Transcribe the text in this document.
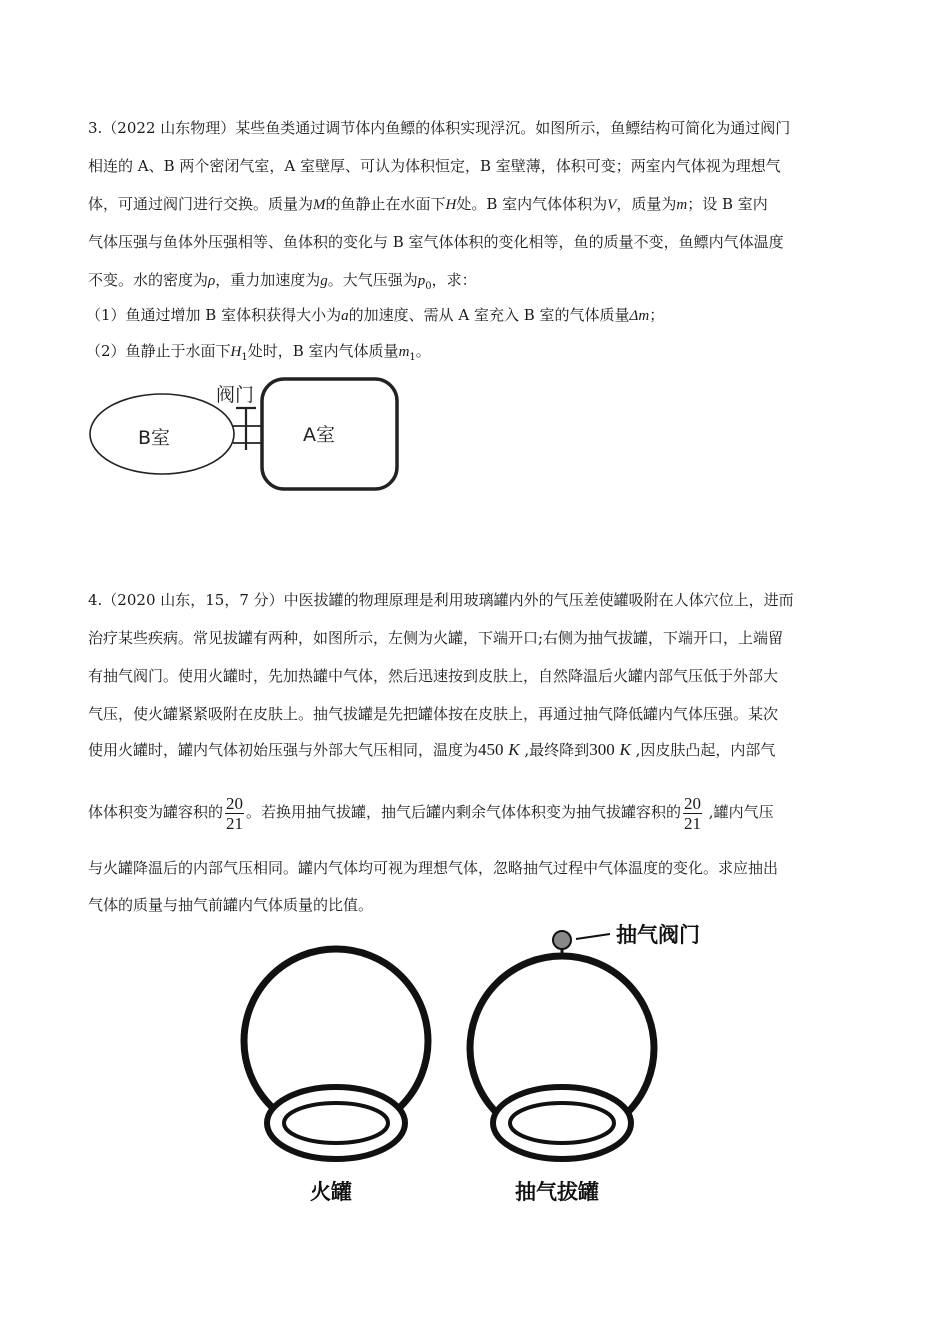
3.（2022 山东物理）某些鱼类通过调节体内鱼鳔的体积实现浮沉。如图所示，鱼鳔结构可简化为通过阀门
相连的 A、B 两个密闭气室，A 室壁厚、可认为体积恒定，B 室壁薄，体积可变；两室内气体视为理想气
体，可通过阀门进行交换。质量为M的鱼静止在水面下H处。B 室内气体体积为V，质量为m；设 B 室内
气体压强与鱼体外压强相等、鱼体积的变化与 B 室气体体积的变化相等，鱼的质量不变，鱼鳔内气体温度
不变。水的密度为ρ，重力加速度为g。大气压强为$p_0$，求：
（1）鱼通过增加 B 室体积获得大小为a的加速度、需从 A 室充入 B 室的气体质量Δm；
（2）鱼静止于水面下$H_1$处时，B 室内气体质量$m_1$。
阀门
B室	A室
4.（2020 山东，15，7 分）中医拔罐的物理原理是利用玻璃罐内外的气压差使罐吸附在人体穴位上，进而
治疗某些疾病。常见拔罐有两种，如图所示，左侧为火罐，下端开口;右侧为抽气拔罐，下端开口，上端留
有抽气阀门。使用火罐时，先加热罐中气体，然后迅速按到皮肤上，自然降温后火罐内部气压低于外部大
气压，使火罐紧紧吸附在皮肤上。抽气拔罐是先把罐体按在皮肤上，再通过抽气降低罐内气体压强。某次
使用火罐时，罐内气体初始压强与外部大气压相同，温度为450 K ,最终降到300 K ,因皮肤凸起，内部气
体体积变为罐容积的 $\frac{20}{21}$ 。若换用抽气拔罐，抽气后罐内剩余气体体积变为抽气拔罐容积的 $\frac{20}{21}$ ,罐内气压
与火罐降温后的内部气压相同。罐内气体均可视为理想气体，忽略抽气过程中气体温度的变化。求应抽出
气体的质量与抽气前罐内气体质量的比值。
抽气阀门
火罐	抽气拔罐
